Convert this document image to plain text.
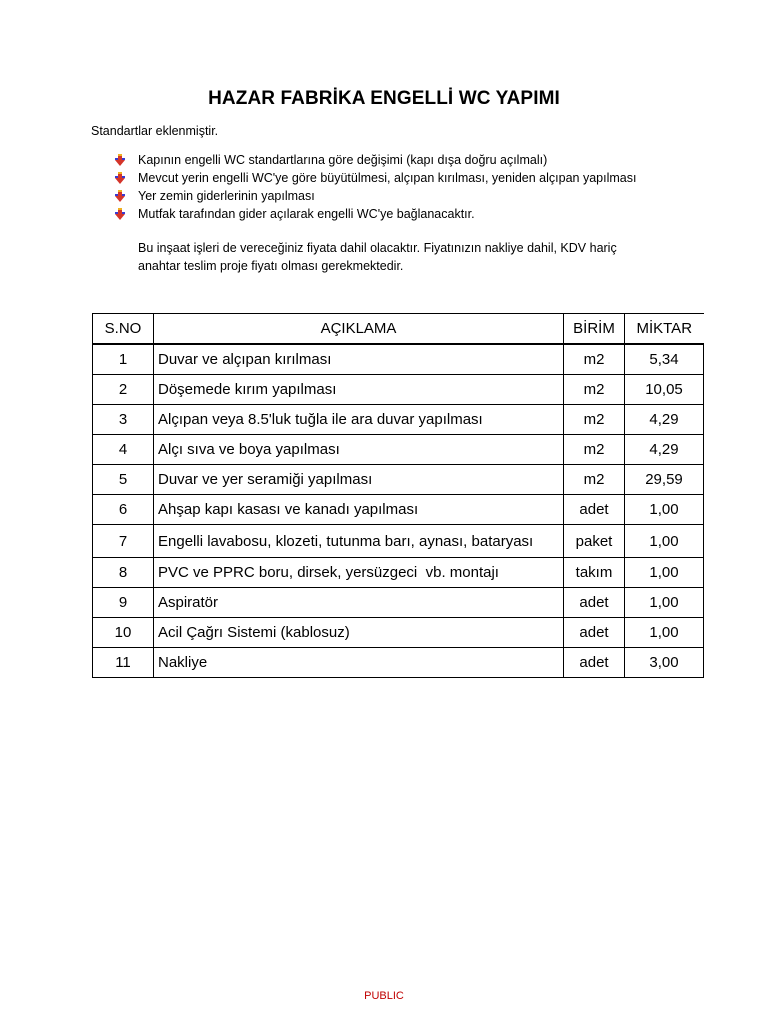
HAZAR FABRİKA ENGELLİ WC YAPIMI
Standartlar eklenmiştir.
Kapının engelli WC standartlarına göre değişimi (kapı dışa doğru açılmalı)
Mevcut yerin engelli WC'ye göre büyütülmesi, alçıpan kırılması, yeniden alçıpan yapılması
Yer zemin giderlerinin yapılması
Mutfak tarafından gider açılarak engelli WC'ye bağlanacaktır.
Bu inşaat işleri de vereceğiniz fiyata dahil olacaktır. Fiyatınızın nakliye dahil, KDV hariç
anahtar teslim proje fiyatı olması gerekmektedir.
S.NO	AÇIKLAMA	BİRİM	MİKTAR
1	Duvar ve alçıpan kırılması	m2	5,34
2	Döşemede kırım yapılması	m2	10,05
3	Alçıpan veya 8.5'luk tuğla ile ara duvar yapılması	m2	4,29
4	Alçı sıva ve boya yapılması	m2	4,29
5	Duvar ve yer seramiği yapılması	m2	29,59
6	Ahşap kapı kasası ve kanadı yapılması	adet	1,00
7	Engelli lavabosu, klozeti, tutunma barı, aynası, bataryası	paket	1,00
8	PVC ve PPRC boru, dirsek, yersüzgeci  vb. montajı	takım	1,00
9	Aspiratör	adet	1,00
10	Acil Çağrı Sistemi (kablosuz)	adet	1,00
11	Nakliye	adet	3,00
PUBLIC
